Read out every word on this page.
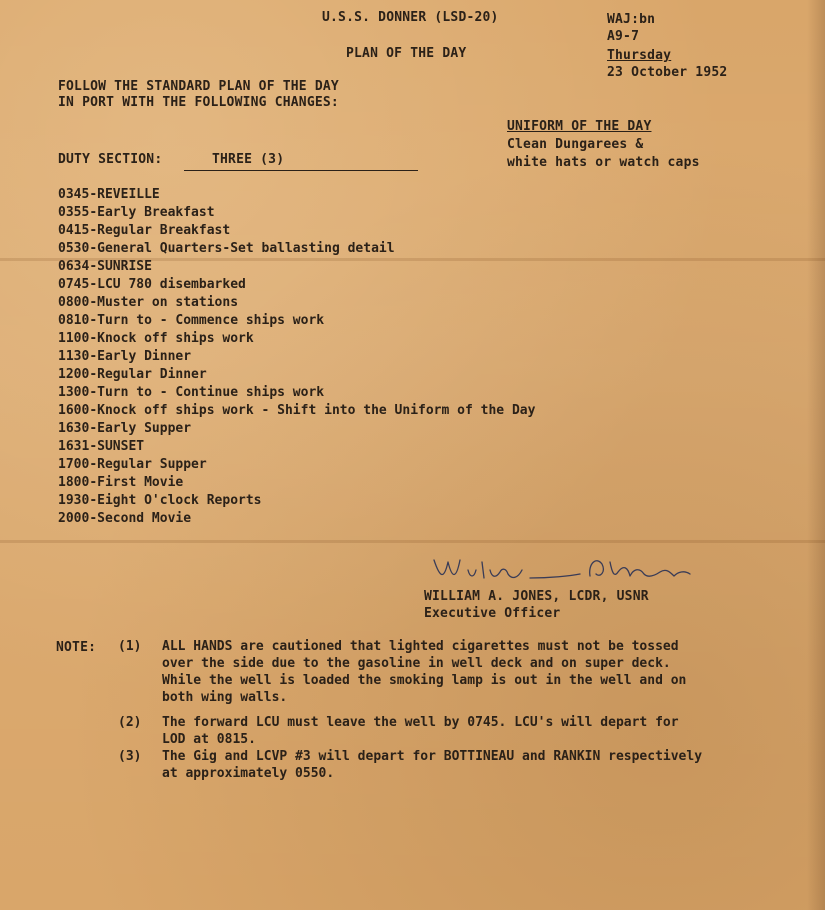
U.S.S. DONNER (LSD-20)
PLAN OF THE DAY
WAJ:bn
A9-7
Thursday
23 October 1952
FOLLOW THE STANDARD PLAN OF THE DAY
IN PORT WITH THE FOLLOWING CHANGES:
UNIFORM OF THE DAY
Clean Dungarees &
white hats or watch caps
DUTY SECTION:	THREE (3)
0345-REVEILLE
0355-Early Breakfast
0415-Regular Breakfast
0530-General Quarters-Set ballasting detail
0634-SUNRISE
0745-LCU 780 disembarked
0800-Muster on stations
0810-Turn to - Commence ships work
1100-Knock off ships work
1130-Early Dinner
1200-Regular Dinner
1300-Turn to - Continue ships work
1600-Knock off ships work - Shift into the Uniform of the Day
1630-Early Supper
1631-SUNSET
1700-Regular Supper
1800-First Movie
1930-Eight O'clock Reports
2000-Second Movie
WILLIAM A. JONES, LCDR, USNR
Executive Officer
NOTE: (1) ALL HANDS are cautioned that lighted cigarettes must not be tossed
over the side due to the gasoline in well deck and on super deck.
While the well is loaded the smoking lamp is out in the well and on
both wing walls.
(2) The forward LCU must leave the well by 0745. LCU's will depart for
LOD at 0815.
(3) The Gig and LCVP #3 will depart for BOTTINEAU and RANKIN respectively
at approximately 0550.
